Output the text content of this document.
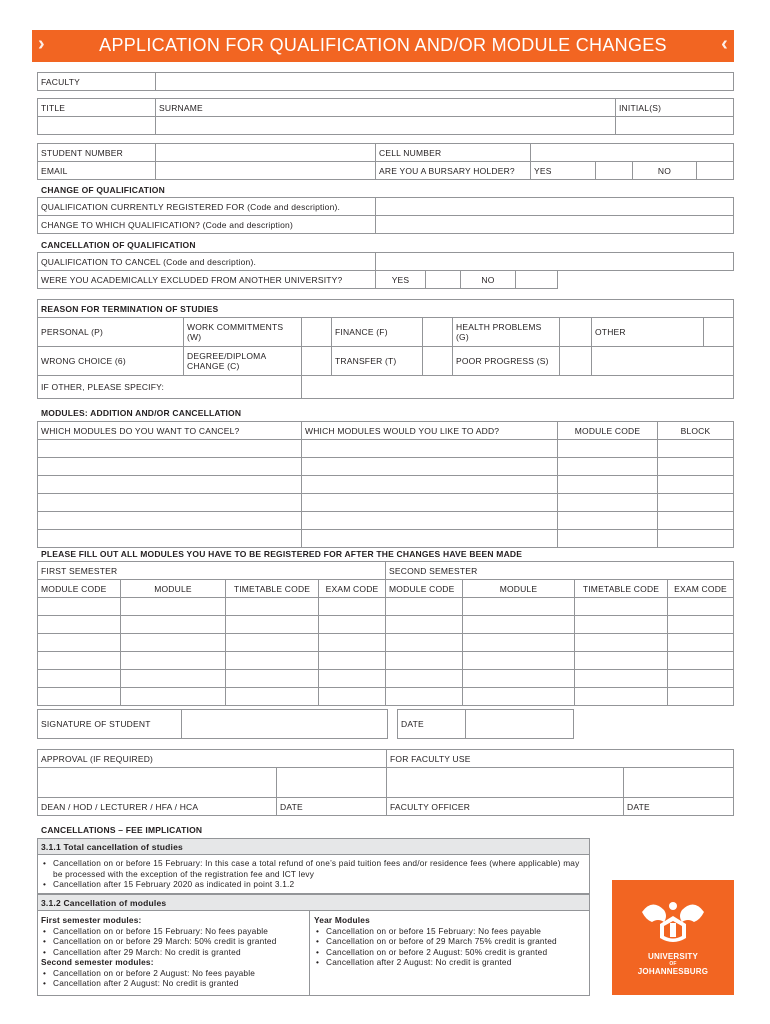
›	APPLICATION FOR QUALIFICATION AND/OR MODULE CHANGES	‹
FACULTY	
TITLE	SURNAME	INITIAL(S)

STUDENT NUMBER		CELL NUMBER				
EMAIL		ARE YOU A BURSARY HOLDER?	YES		NO	
CHANGE OF QUALIFICATION
QUALIFICATION CURRENTLY REGISTERED FOR (Code and description).	
CHANGE TO WHICH QUALIFICATION? (Code and description)	
CANCELLATION OF QUALIFICATION
QUALIFICATION TO CANCEL (Code and description).					
WERE YOU ACADEMICALLY EXCLUDED FROM ANOTHER UNIVERSITY?	YES		NO		
REASON FOR TERMINATION OF STUDIES								
PERSONAL (P)	WORK COMMITMENTS (W)		FINANCE (F)		HEALTH PROBLEMS (G)		OTHER	
WRONG CHOICE (6)	DEGREE/DIPLOMA CHANGE (C)		TRANSFER (T)		POOR PROGRESS (S)			
IF OTHER, PLEASE SPECIFY:								
MODULES: ADDITION AND/OR CANCELLATION
WHICH MODULES DO YOU WANT TO CANCEL?	WHICH MODULES WOULD YOU LIKE TO ADD?	MODULE CODE	BLOCK

PLEASE FILL OUT ALL MODULES YOU HAVE TO BE REGISTERED FOR AFTER THE CHANGES HAVE BEEN MADE
FIRST SEMESTER				SECOND SEMESTER			
MODULE CODE	MODULE	TIMETABLE CODE	EXAM CODE	MODULE CODE	MODULE	TIMETABLE CODE	EXAM CODE

SIGNATURE OF STUDENT			DATE	
APPROVAL (IF REQUIRED)		FOR FACULTY USE	

DEAN / HOD / LECTURER / HFA / HCA	DATE	FACULTY OFFICER	DATE
CANCELLATIONS – FEE IMPLICATION
3.1.1 Total cancellation of studies
• Cancellation on or before 15 February: In this case a total refund of one’s paid tuition fees and/or residence fees (where applicable) may be processed with the exception of the registration fee and ICT levy
• Cancellation after 15 February 2020 as indicated in point 3.1.2
3.1.2 Cancellation of modules
First semester modules:
• Cancellation on or before 15 February: No fees payable
• Cancellation on or before 29 March: 50% credit is granted
• Cancellation after 29 March: No credit is granted
Second semester modules:
• Cancellation on or before 2 August: No fees payable
• Cancellation after 2 August: No credit is granted
Year Modules
• Cancellation on or before 15 February: No fees payable
• Cancellation on or before of 29 March 75% credit is granted
• Cancellation on or before 2 August: 50% credit is granted
• Cancellation after 2 August: No credit is granted
UNIVERSITY
OF
JOHANNESBURG
